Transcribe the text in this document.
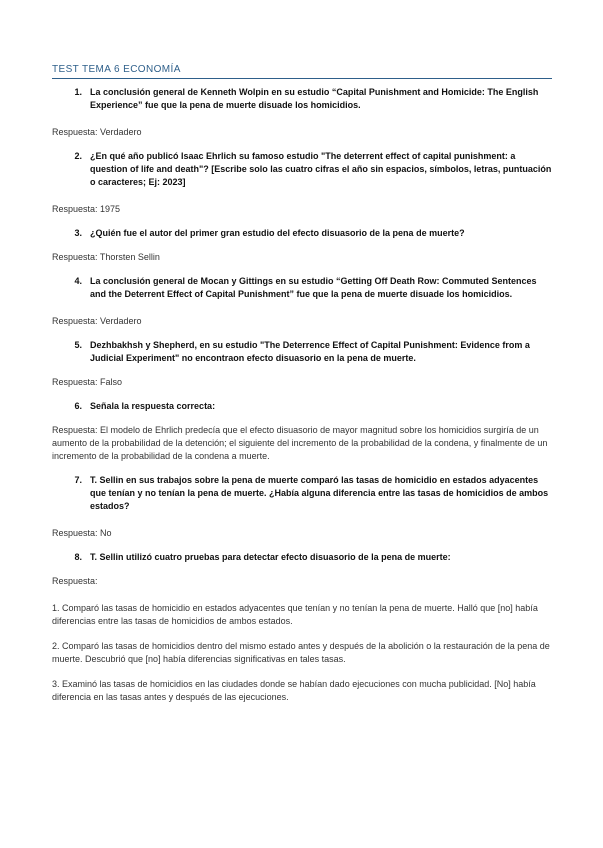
TEST TEMA 6 ECONOMÍA
1. La conclusión general de Kenneth Wolpin en su estudio “Capital Punishment and Homicide: The English Experience” fue que la pena de muerte disuade los homicidios.

Respuesta: Verdadero

2. ¿En qué año publicó Isaac Ehrlich su famoso estudio "The deterrent effect of capital punishment: a question of life and death"? [Escribe solo las cuatro cifras el año sin espacios, símbolos, letras, puntuación o caracteres; Ej: 2023]

Respuesta: 1975

3. ¿Quién fue el autor del primer gran estudio del efecto disuasorio de la pena de muerte?

Respuesta: Thorsten Sellin

4. La conclusión general de Mocan y Gittings en su estudio “Getting Off Death Row: Commuted Sentences and the Deterrent Effect of Capital Punishment” fue que la pena de muerte disuade los homicidios.

Respuesta: Verdadero

5. Dezhbakhsh y Shepherd, en su estudio "The Deterrence Effect of Capital Punishment: Evidence from a Judicial Experiment" no encontraon efecto disuasorio en la pena de muerte.

Respuesta: Falso

6. Señala la respuesta correcta:

Respuesta: El modelo de Ehrlich predecía que el efecto disuasorio de mayor magnitud sobre los homicidios surgiría de un aumento de la probabilidad de la detención; el siguiente del incremento de la probabilidad de la condena, y finalmente de un incremento de la probabilidad de la condena a muerte.

7. T. Sellin en sus trabajos sobre la pena de muerte comparó las tasas de homicidio en estados adyacentes que tenían y no tenían la pena de muerte. ¿Había alguna diferencia entre las tasas de homicidios de ambos estados?

Respuesta: No

8. T. Sellin utilizó cuatro pruebas para detectar efecto disuasorio de la pena de muerte:

Respuesta:

1. Comparó las tasas de homicidio en estados adyacentes que tenían y no tenían la pena de muerte. Halló que [no] había diferencias entre las tasas de homicidios de ambos estados.

2. Comparó las tasas de homicidios dentro del mismo estado antes y después de la abolición o la restauración de la pena de muerte. Descubrió que [no] había diferencias significativas en tales tasas.

3. Examinó las tasas de homicidios en las ciudades donde se habían dado ejecuciones con mucha publicidad. [No] había diferencia en las tasas antes y después de las ejecuciones.
